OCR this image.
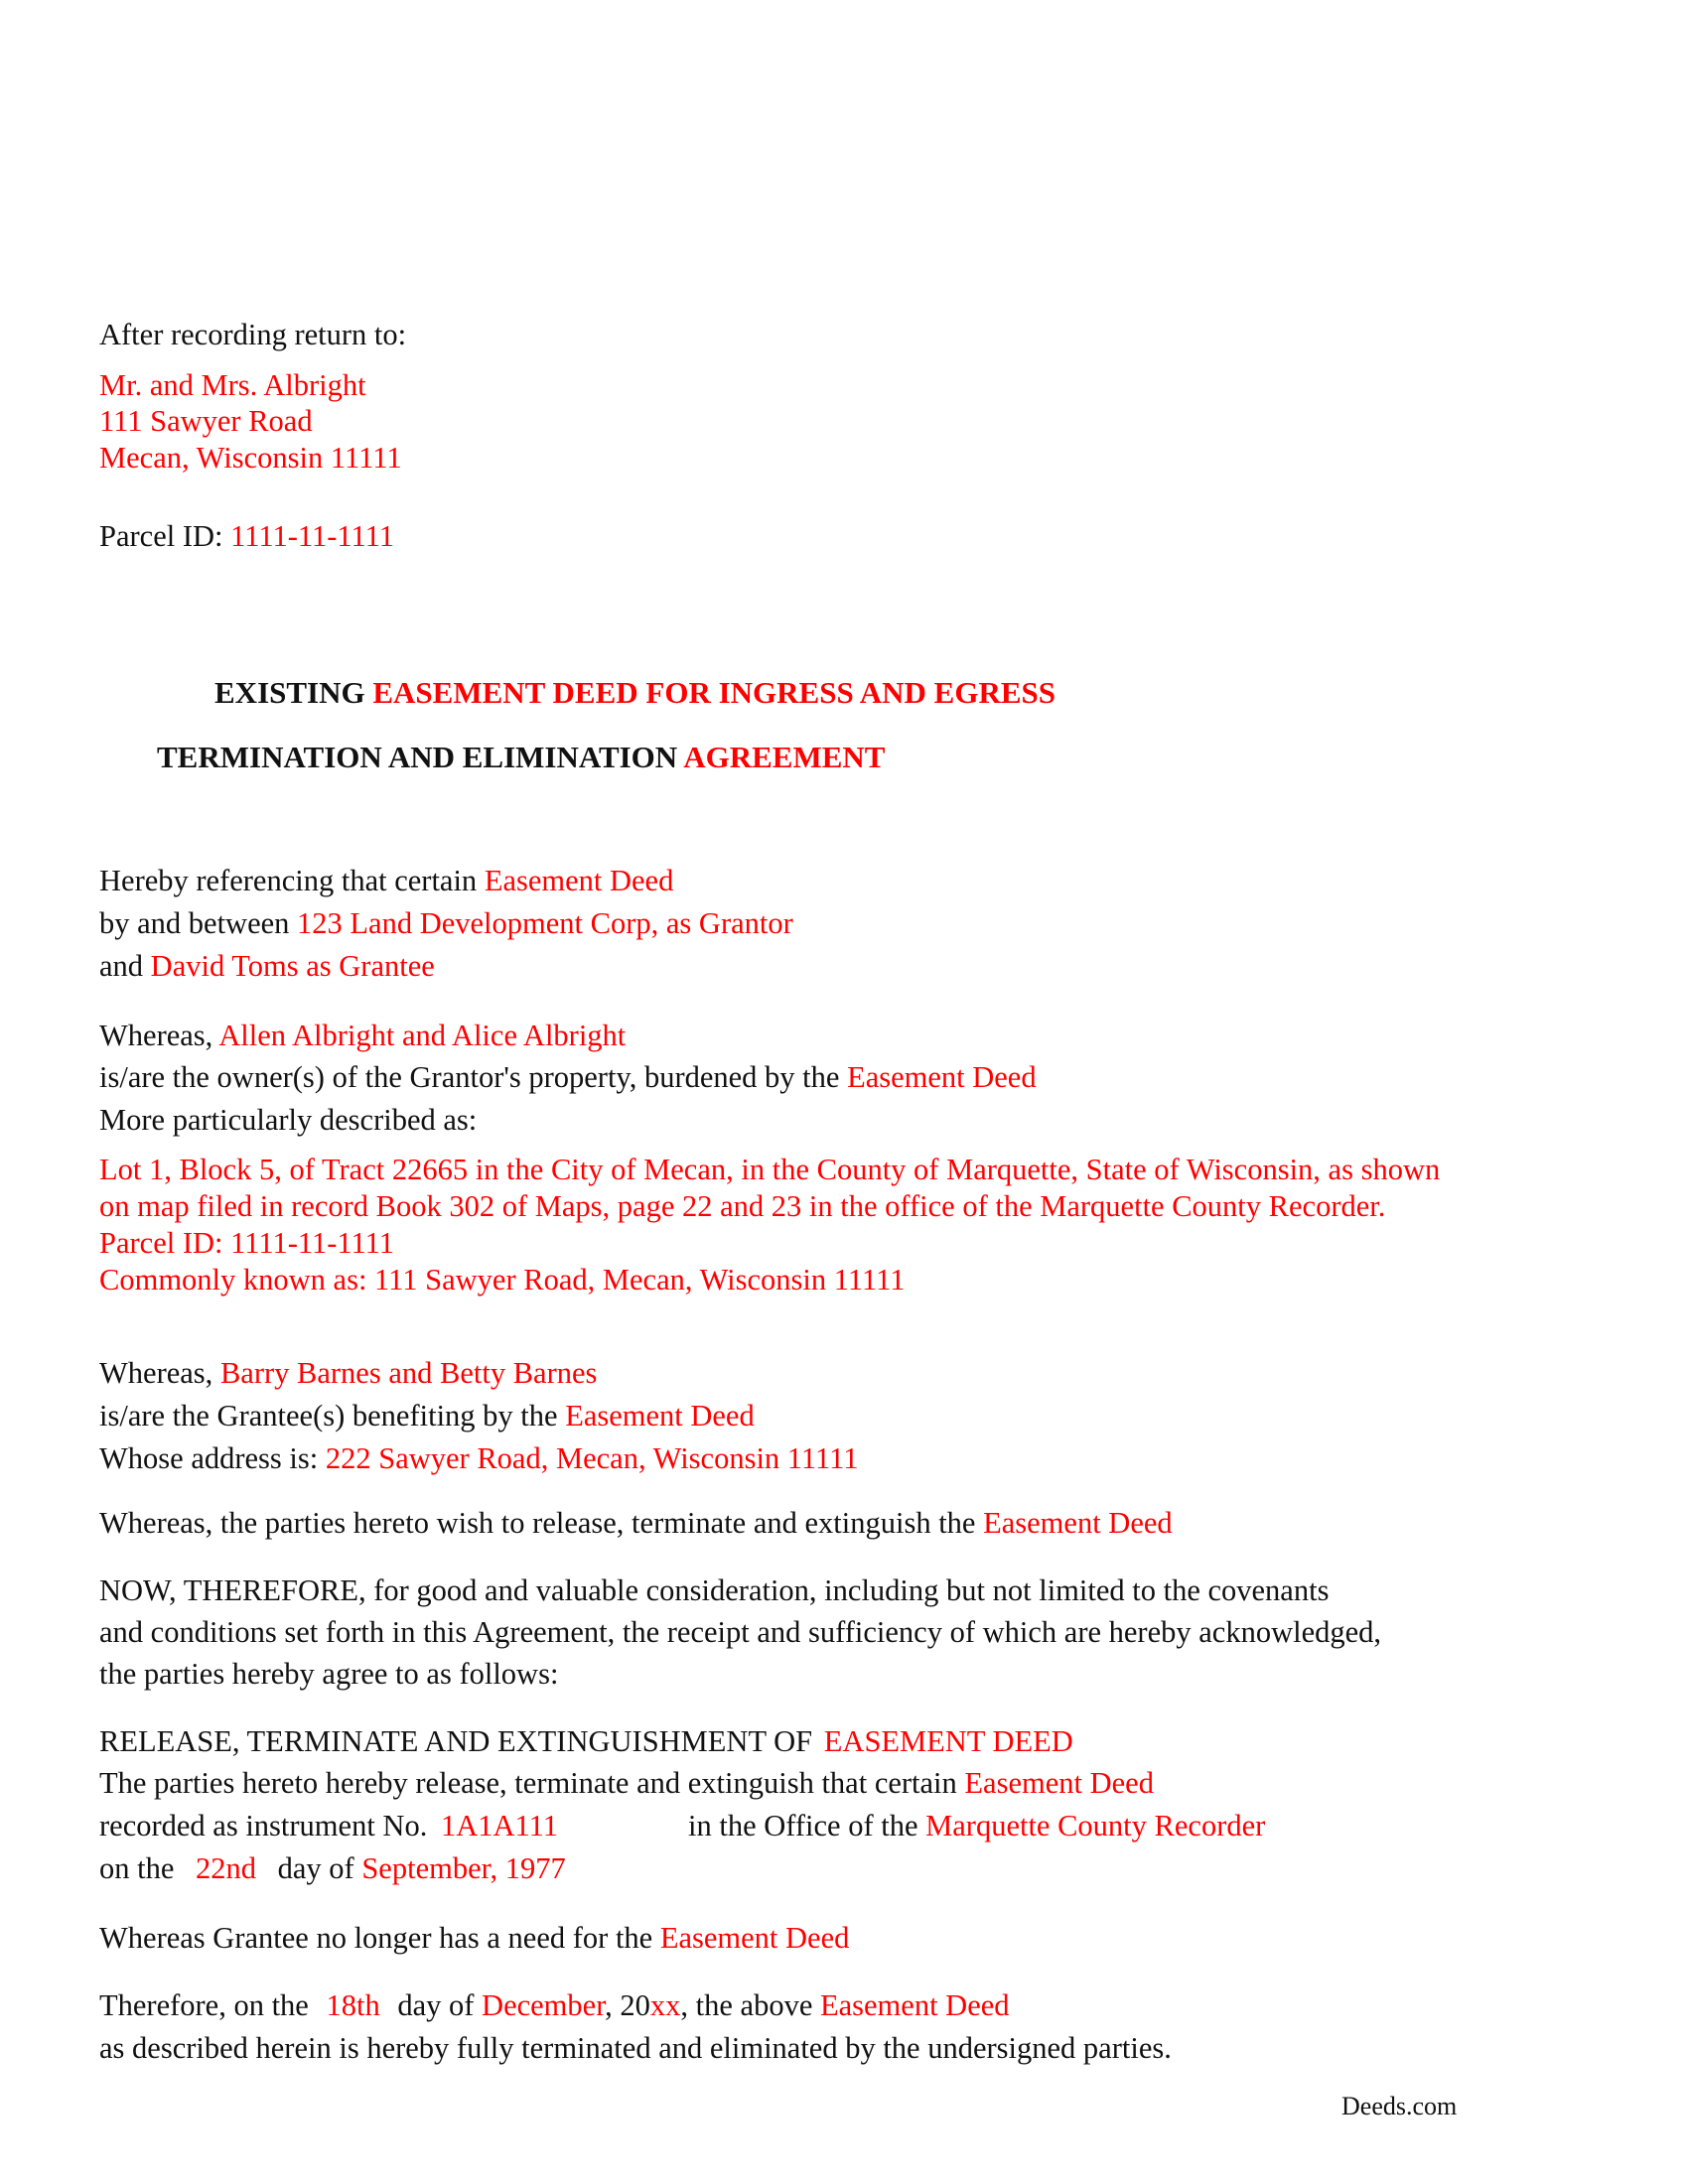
After recording return to:
Mr. and Mrs. Albright
111 Sawyer Road
Mecan, Wisconsin 11111
Parcel ID: 1111-11-1111
EXISTING EASEMENT DEED FOR INGRESS AND EGRESS
TERMINATION AND ELIMINATION AGREEMENT
Hereby referencing that certain Easement Deed
by and between 123 Land Development Corp, as Grantor
and David Toms as Grantee
Whereas, Allen Albright and Alice Albright
is/are the owner(s) of the Grantor's property, burdened by the Easement Deed
More particularly described as:
Lot 1, Block 5, of Tract 22665 in the City of Mecan, in the County of Marquette, State of Wisconsin, as shown
on map filed in record Book 302 of Maps, page 22 and 23 in the office of the Marquette County Recorder.
Parcel ID: 1111-11-1111
Commonly known as: 111 Sawyer Road, Mecan, Wisconsin 11111
Whereas, Barry Barnes and Betty Barnes
is/are the Grantee(s) benefiting by the Easement Deed
Whose address is: 222 Sawyer Road, Mecan, Wisconsin 11111
Whereas, the parties hereto wish to release, terminate and extinguish the Easement Deed
NOW, THEREFORE, for good and valuable consideration, including but not limited to the covenants
and conditions set forth in this Agreement, the receipt and sufficiency of which are hereby acknowledged,
the parties hereby agree to as follows:
RELEASE, TERMINATE AND EXTINGUISHMENT OF EASEMENT DEED
The parties hereto hereby release, terminate and extinguish that certain Easement Deed
recorded as instrument No. 1A1A111	in the Office of the Marquette County Recorder
on the 22nd day of September, 1977
Whereas Grantee no longer has a need for the Easement Deed
Therefore, on the 18th day of December, 20xx, the above Easement Deed
as described herein is hereby fully terminated and eliminated by the undersigned parties.
Deeds.com
